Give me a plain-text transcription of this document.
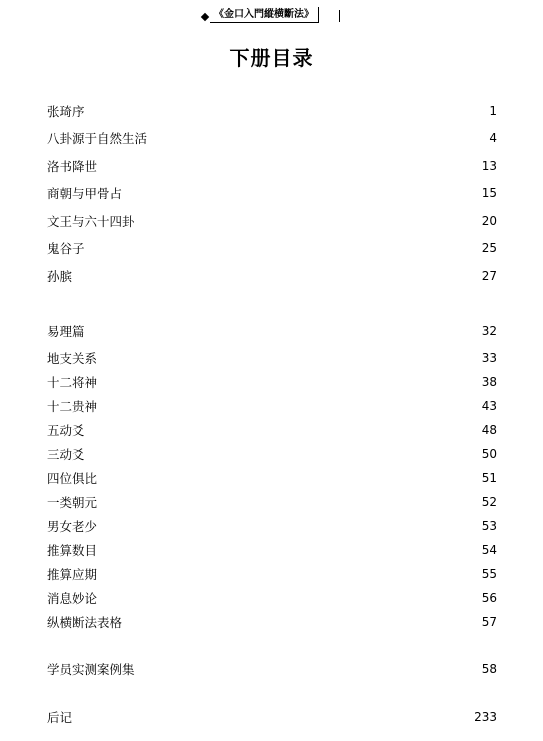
《金口入門縱横斷法》
下册目录
张琦序	1
八卦源于自然生活	4
洛书降世	13
商朝与甲骨占	15
文王与六十四卦	20
鬼谷子	25
孙膑	27
易理篇	32
地支关系	33
十二将神	38
十二贵神	43
五动爻	48
三动爻	50
四位俱比	51
一类朝元	52
男女老少	53
推算数目	54
推算应期	55
消息妙论	56
纵横断法表格	57
学员实测案例集	58
后记	233
